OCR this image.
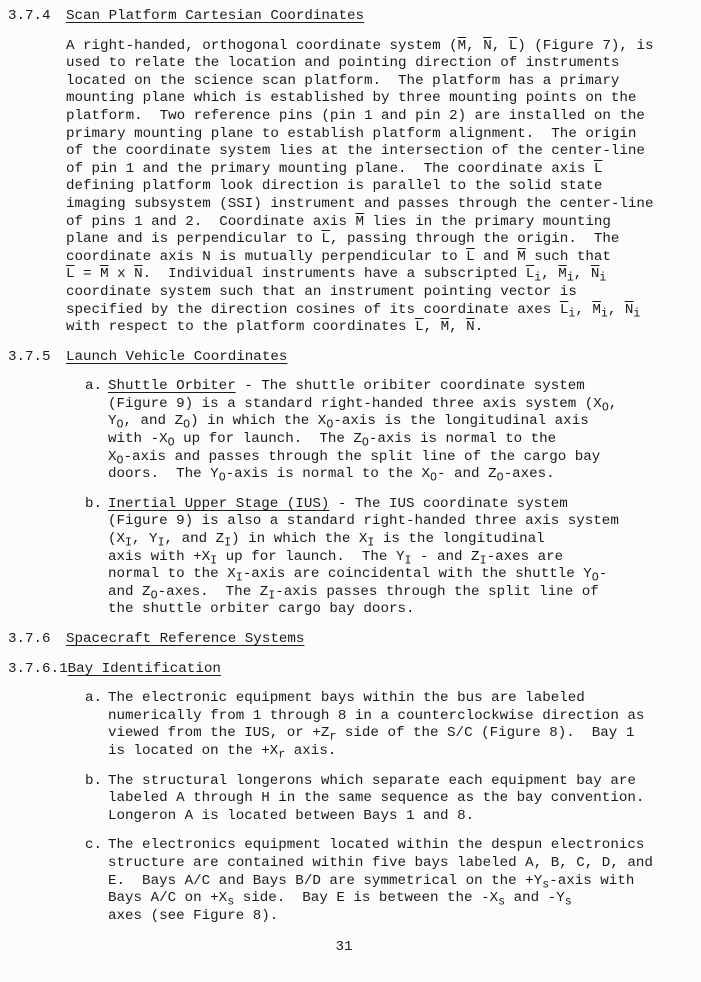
3.7.4	Scan Platform Cartesian Coordinates
A right-handed, orthogonal coordinate system ($\overline{M}$, $\overline{N}$, $\overline{L}$) (Figure 7), is
used to relate the location and pointing direction of instruments
located on the science scan platform.  The platform has a primary
mounting plane which is established by three mounting points on the
platform.  Two reference pins (pin 1 and pin 2) are installed on the
primary mounting plane to establish platform alignment.  The origin
of the coordinate system lies at the intersection of the center-line
of pin 1 and the primary mounting plane.  The coordinate axis $\overline{L}$
defining platform look direction is parallel to the solid state
imaging subsystem (SSI) instrument and passes through the center-line
of pins 1 and 2.  Coordinate axis $\overline{M}$ lies in the primary mounting
plane and is perpendicular to $\overline{L}$, passing through the origin.  The
coordinate axis N is mutually perpendicular to $\overline{L}$ and $\overline{M}$ such that
$\overline{L} = \overline{M}$ x $\overline{N}$.  Individual instruments have a subscripted $\overline{L}_i$, $\overline{M}_i$, $\overline{N}_i$
coordinate system such that an instrument pointing vector is
specified by the direction cosines of its coordinate axes $\overline{L}_i$, $\overline{M}_i$, $\overline{N}_i$
with respect to the platform coordinates $\overline{L}$, $\overline{M}$, $\overline{N}$.
3.7.5	Launch Vehicle Coordinates
a. Shuttle Orbiter - The shuttle oribiter coordinate system
(Figure 9) is a standard right-handed three axis system ($X_O$,
$Y_O$, and $Z_O$) in which the $X_O$-axis is the longitudinal axis
with $-X_O$ up for launch.  The $Z_O$-axis is normal to the
$X_O$-axis and passes through the split line of the cargo bay
doors.  The $Y_O$-axis is normal to the $X_O-$ and $Z_O$-axes.
b. Inertial Upper Stage (IUS) - The IUS coordinate system
(Figure 9) is also a standard right-handed three axis system
($X_I$, $Y_I$, and $Z_I$) in which the $X_I$ is the longitudinal
axis with $+X_I$ up for launch.  The $Y_I$ - and $Z_I$-axes are
normal to the $X_I$-axis are coincidental with the shuttle $Y_O-$
and $Z_O$-axes.  The $Z_I$-axis passes through the split line of
the shuttle orbiter cargo bay doors.
3.7.6	Spacecraft Reference Systems
3.7.6.1 Bay Identification
a. The electronic equipment bays within the bus are labeled
numerically from 1 through 8 in a counterclockwise direction as
viewed from the IUS, or $+Z_r$ side of the S/C (Figure 8).  Bay 1
is located on the $+X_r$ axis.
b. The structural longerons which separate each equipment bay are
labeled A through H in the same sequence as the bay convention.
Longeron A is located between Bays 1 and 8.
c. The electronics equipment located within the despun electronics
structure are contained within five bays labeled A, B, C, D, and
E.  Bays A/C and Bays B/D are symmetrical on the $+Y_s$-axis with
Bays A/C on $+X_s$ side.  Bay E is between the $-X_s$ and $-Y_s$
axes (see Figure 8).
31
